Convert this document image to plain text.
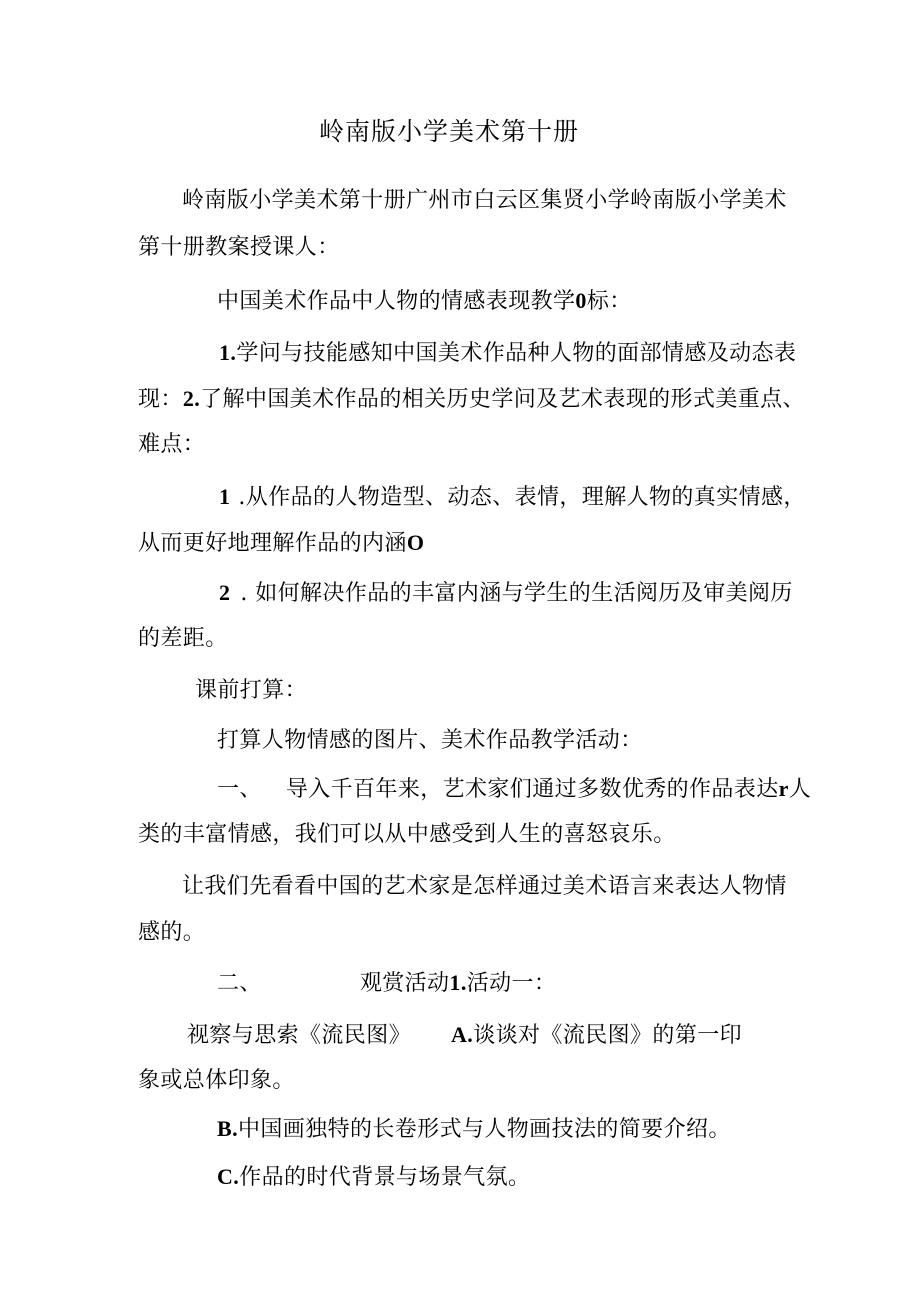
岭南版小学美术第十册
岭南版小学美术第十册广州市白云区集贤小学岭南版小学美术
第十册教案授课人：
中国美术作品中人物的情感表现教学0标：
1.学问与技能感知中国美术作品种人物的面部情感及动态表
现：2.了解中国美术作品的相关历史学问及艺术表现的形式美重点、
难点：
1 .从作品的人物造型、动态、表情，理解人物的真实情感，
从而更好地理解作品的内涵O
2 . 如何解决作品的丰富内涵与学生的生活阅历及审美阅历
的差距。
课前打算：
打算人物情感的图片、美术作品教学活动：
一、 导入千百年来，艺术家们通过多数优秀的作品表达r人
类的丰富情感，我们可以从中感受到人生的喜怒哀乐。
让我们先看看中国的艺术家是怎样通过美术语言来表达人物情
感的。
二、	观赏活动1.活动一：
视察与思索《流民图》 A.谈谈对《流民图》的第一印
象或总体印象。
B.中国画独特的长卷形式与人物画技法的简要介绍。
C.作品的时代背景与场景气氛。
